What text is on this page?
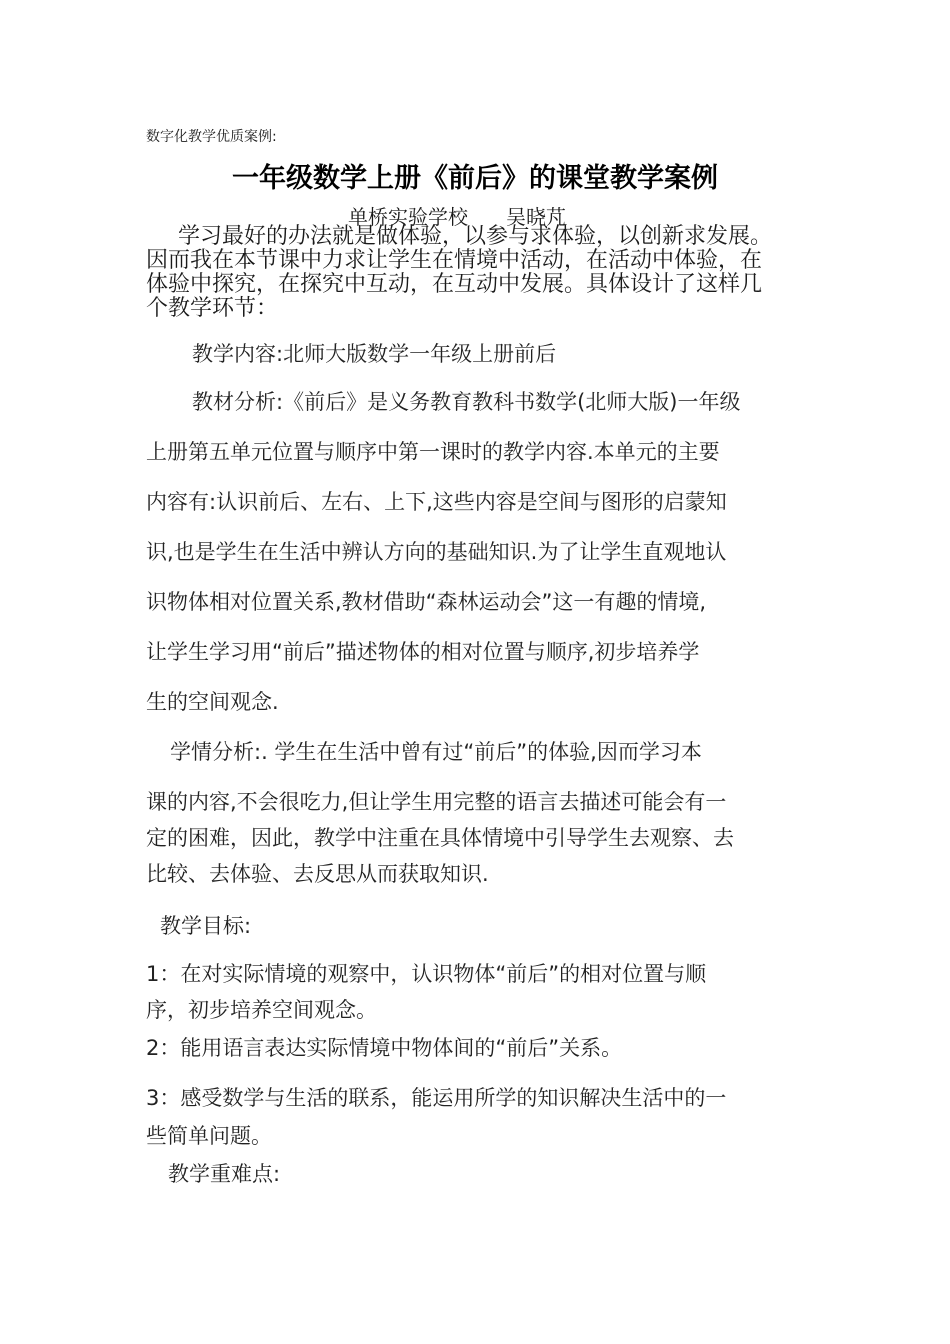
数字化教学优质案例:
一年级数学上册《前后》的课堂教学案例
单桥实验学校 吴晓芃
学习最好的办法就是做体验，以参与求体验，以创新求发展。
因而我在本节课中力求让学生在情境中活动，在活动中体验，在
体验中探究，在探究中互动，在互动中发展。具体设计了这样几
个教学环节：
教学内容:北师大版数学一年级上册前后
教材分析:《前后》是义务教育教科书数学(北师大版)一年级
上册第五单元位置与顺序中第一课时的教学内容.本单元的主要
内容有:认识前后、左右、上下,这些内容是空间与图形的启蒙知
识,也是学生在生活中辨认方向的基础知识.为了让学生直观地认
识物体相对位置关系,教材借助“森林运动会”这一有趣的情境,
让学生学习用“前后”描述物体的相对位置与顺序,初步培养学
生的空间观念.
学情分析:. 学生在生活中曾有过“前后”的体验,因而学习本
课的内容,不会很吃力,但让学生用完整的语言去描述可能会有一
定的困难，因此，教学中注重在具体情境中引导学生去观察、去
比较、去体验、去反思从而获取知识.
教学目标:
1：在对实际情境的观察中，认识物体“前后”的相对位置与顺
序，初步培养空间观念。
2：能用语言表达实际情境中物体间的“前后”关系。
3：感受数学与生活的联系，能运用所学的知识解决生活中的一
些简单问题。
教学重难点:
